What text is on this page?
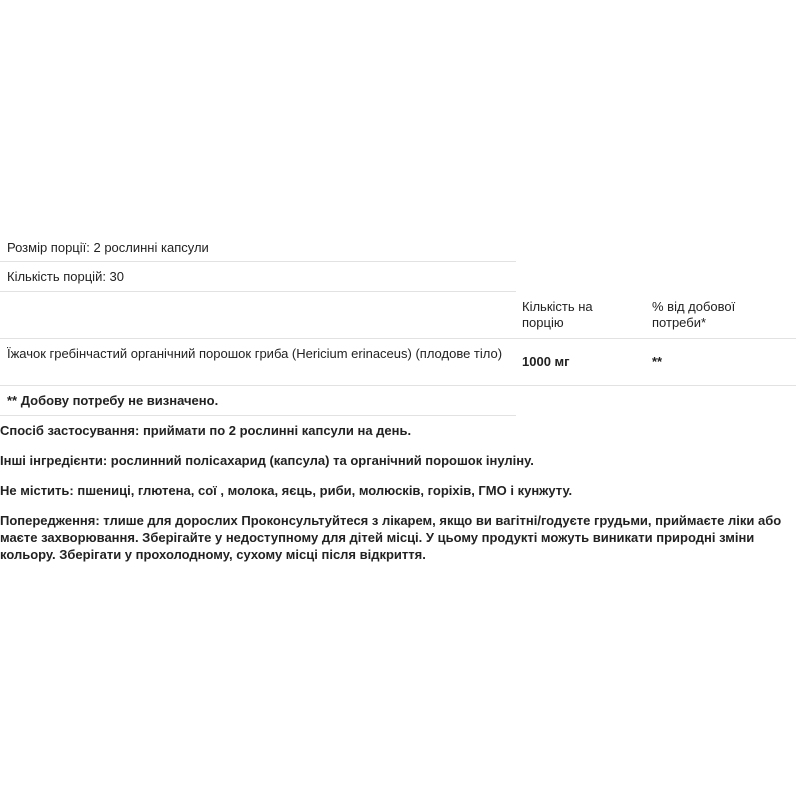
Розмір порції: 2 рослинні капсули
Кількість порцій: 30
Кількість на порцію
% від добової потреби*
Їжачок гребінчастий органічний порошок гриба (Hericium erinaceus) (плодове тіло)
1000 мг	**
** Добову потребу не визначено.

Спосіб застосування: приймати по 2 рослинні капсули на день.

Інші інгредієнти: рослинний полісахарид (капсула) та органічний порошок інуліну.

Не містить: пшениці, глютена, сої , молока, яєць, риби, молюсків, горіхів, ГМО і кунжуту.

Попередження: тлише для дорослих Проконсультуйтеся з лікарем, якщо ви вагітні/годуєте грудьми, приймаєте ліки або маєте захворювання. Зберігайте у недоступному для дітей місці. У цьому продукті можуть виникати природні зміни кольору. Зберігати у прохолодному, сухому місці після відкриття.
